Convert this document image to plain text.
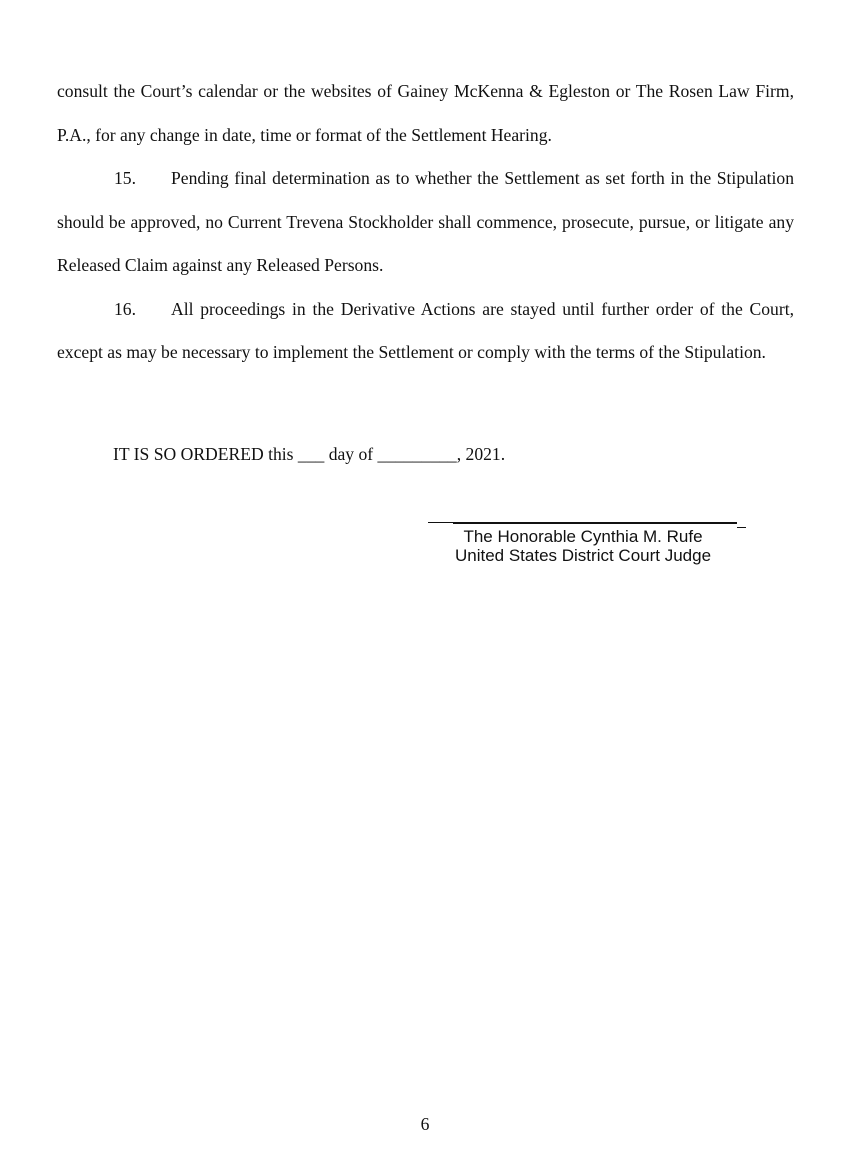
consult the Court’s calendar or the websites of Gainey McKenna & Egleston or The Rosen Law Firm, P.A., for any change in date, time or format of the Settlement Hearing.

15. Pending final determination as to whether the Settlement as set forth in the Stipulation should be approved, no Current Trevena Stockholder shall commence, prosecute, pursue, or litigate any Released Claim against any Released Persons.

16. All proceedings in the Derivative Actions are stayed until further order of the Court, except as may be necessary to implement the Settlement or comply with the terms of the Stipulation.

IT IS SO ORDERED this ___ day of _________, 2021.
The Honorable Cynthia M. Rufe
United States District Court Judge
6
